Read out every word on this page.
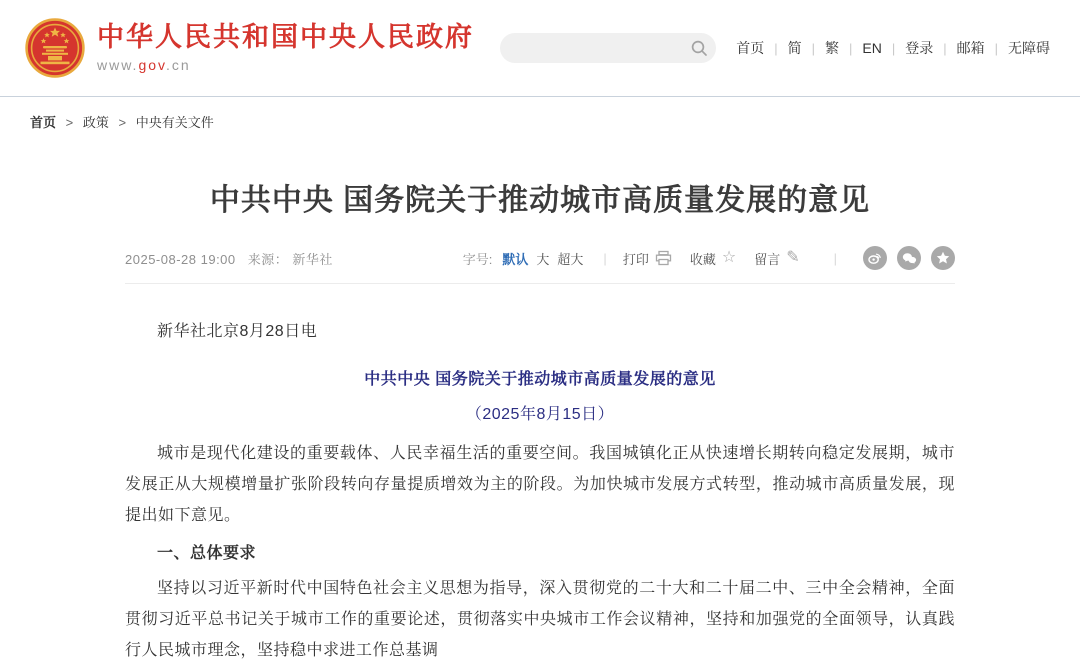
中华人民共和国中央人民政府
www.gov.cn
首页 | 简 | 繁 | EN | 登录 | 邮箱 | 无障碍
首页 > 政策 > 中央有关文件
中共中央 国务院关于推动城市高质量发展的意见
2025-08-28 19:00 来源： 新华社	字号: 默认 大 超大 | 打印	收藏 ☆ 留言 ✎	|

新华社北京8月28日电

中共中央 国务院关于推动城市高质量发展的意见

（2025年8月15日）

城市是现代化建设的重要载体、人民幸福生活的重要空间。我国城镇化正从快速增长期转向稳定发展期，城市发展正从大规模增量扩张阶段转向存量提质增效为主的阶段。为加快城市发展方式转型，推动城市高质量发展，现提出如下意见。

一、总体要求

坚持以习近平新时代中国特色社会主义思想为指导，深入贯彻党的二十大和二十届二中、三中全会精神，全面贯彻习近平总书记关于城市工作的重要论述，贯彻落实中央城市工作会议精神，坚持和加强党的全面领导，认真践行人民城市理念，坚持稳中求进工作总基调
